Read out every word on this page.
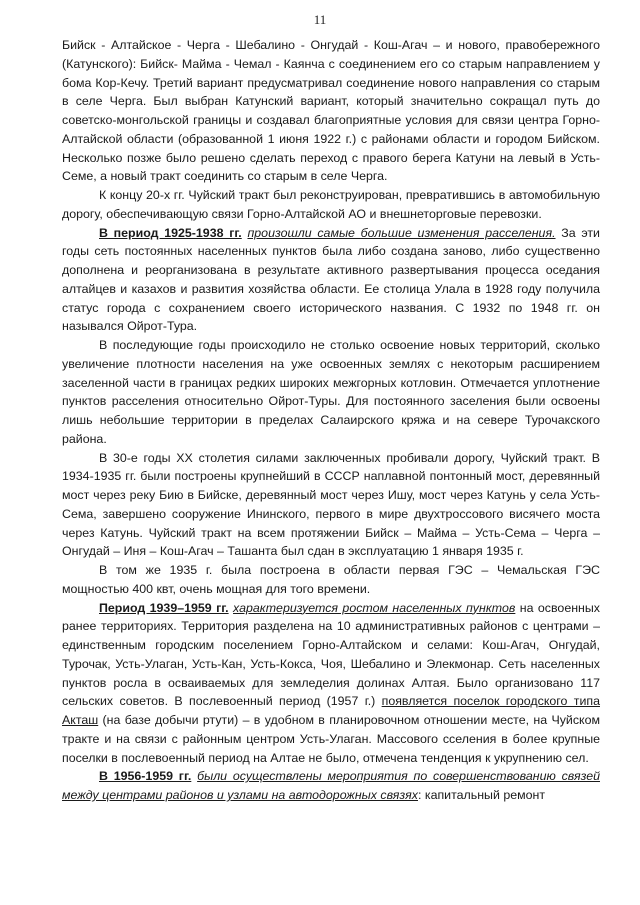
11

Бийск - Алтайское - Черга - Шебалино - Онгудай - Кош-Агач – и нового, правобережного (Катунского): Бийск- Майма - Чемал - Каянча с соединением его со старым направлением у бома Кор-Кечу. Третий вариант предусматривал соединение нового направления со старым в селе Черга. Был выбран Катунский вариант, который значительно сокращал путь до советско-монгольской границы и создавал благоприятные условия для связи центра Горно-Алтайской области (образованной 1 июня 1922 г.) с районами области и городом Бийском. Несколько позже было решено сделать переход с правого берега Катуни на левый в Усть-Семе, а новый тракт соединить со старым в селе Черга.

К концу 20-х гг. Чуйский тракт был реконструирован, превратившись в автомобильную дорогу, обеспечивающую связи Горно-Алтайской АО и внешнеторговые перевозки.

В период 1925-1938 гг. произошли самые большие изменения расселения. За эти годы сеть постоянных населенных пунктов была либо создана заново, либо существенно дополнена и реорганизована в результате активного развертывания процесса оседания алтайцев и казахов и развития хозяйства области. Ее столица Улала в 1928 году получила статус города с сохранением своего исторического названия. С 1932 по 1948 гг. он назывался Ойрот-Тура.

В последующие годы происходило не столько освоение новых территорий, сколько увеличение плотности населения на уже освоенных землях с некоторым расширением заселенной части в границах редких широких межгорных котловин. Отмечается уплотнение пунктов расселения относительно Ойрот-Туры. Для постоянного заселения были освоены лишь небольшие территории в пределах Салаирского кряжа и на севере Турочакского района.

В 30-е годы XX столетия силами заключенных пробивали дорогу, Чуйский тракт. В 1934-1935 гг. были построены крупнейший в СССР наплавной понтонный мост, деревянный мост через реку Бию в Бийске, деревянный мост через Ишу, мост через Катунь у села Усть-Сема, завершено сооружение Ининского, первого в мире двухтроссового висячего моста через Катунь. Чуйский тракт на всем протяжении Бийск – Майма – Усть-Сема – Черга – Онгудай – Иня – Кош-Агач – Ташанта был сдан в эксплуатацию 1 января 1935 г.

В том же 1935 г. была построена в области первая ГЭС – Чемальская ГЭС мощностью 400 квт, очень мощная для того времени.

Период 1939–1959 гг. характеризуется ростом населенных пунктов на освоенных ранее территориях. Территория разделена на 10 административных районов с центрами – единственным городским поселением Горно-Алтайском и селами: Кош-Агач, Онгудай, Турочак, Усть-Улаган, Усть-Кан, Усть-Кокса, Чоя, Шебалино и Элекмонар. Сеть населенных пунктов росла в осваиваемых для земледелия долинах Алтая. Было организовано 117 сельских советов. В послевоенный период (1957 г.) появляется поселок городского типа Акташ (на базе добычи ртути) – в удобном в планировочном отношении месте, на Чуйском тракте и на связи с районным центром Усть-Улаган. Массового сселения в более крупные поселки в послевоенный период на Алтае не было, отмечена тенденция к укрупнению сел.

В 1956-1959 гг. были осуществлены мероприятия по совершенствованию связей между центрами районов и узлами на автодорожных связях: капитальный ремонт
